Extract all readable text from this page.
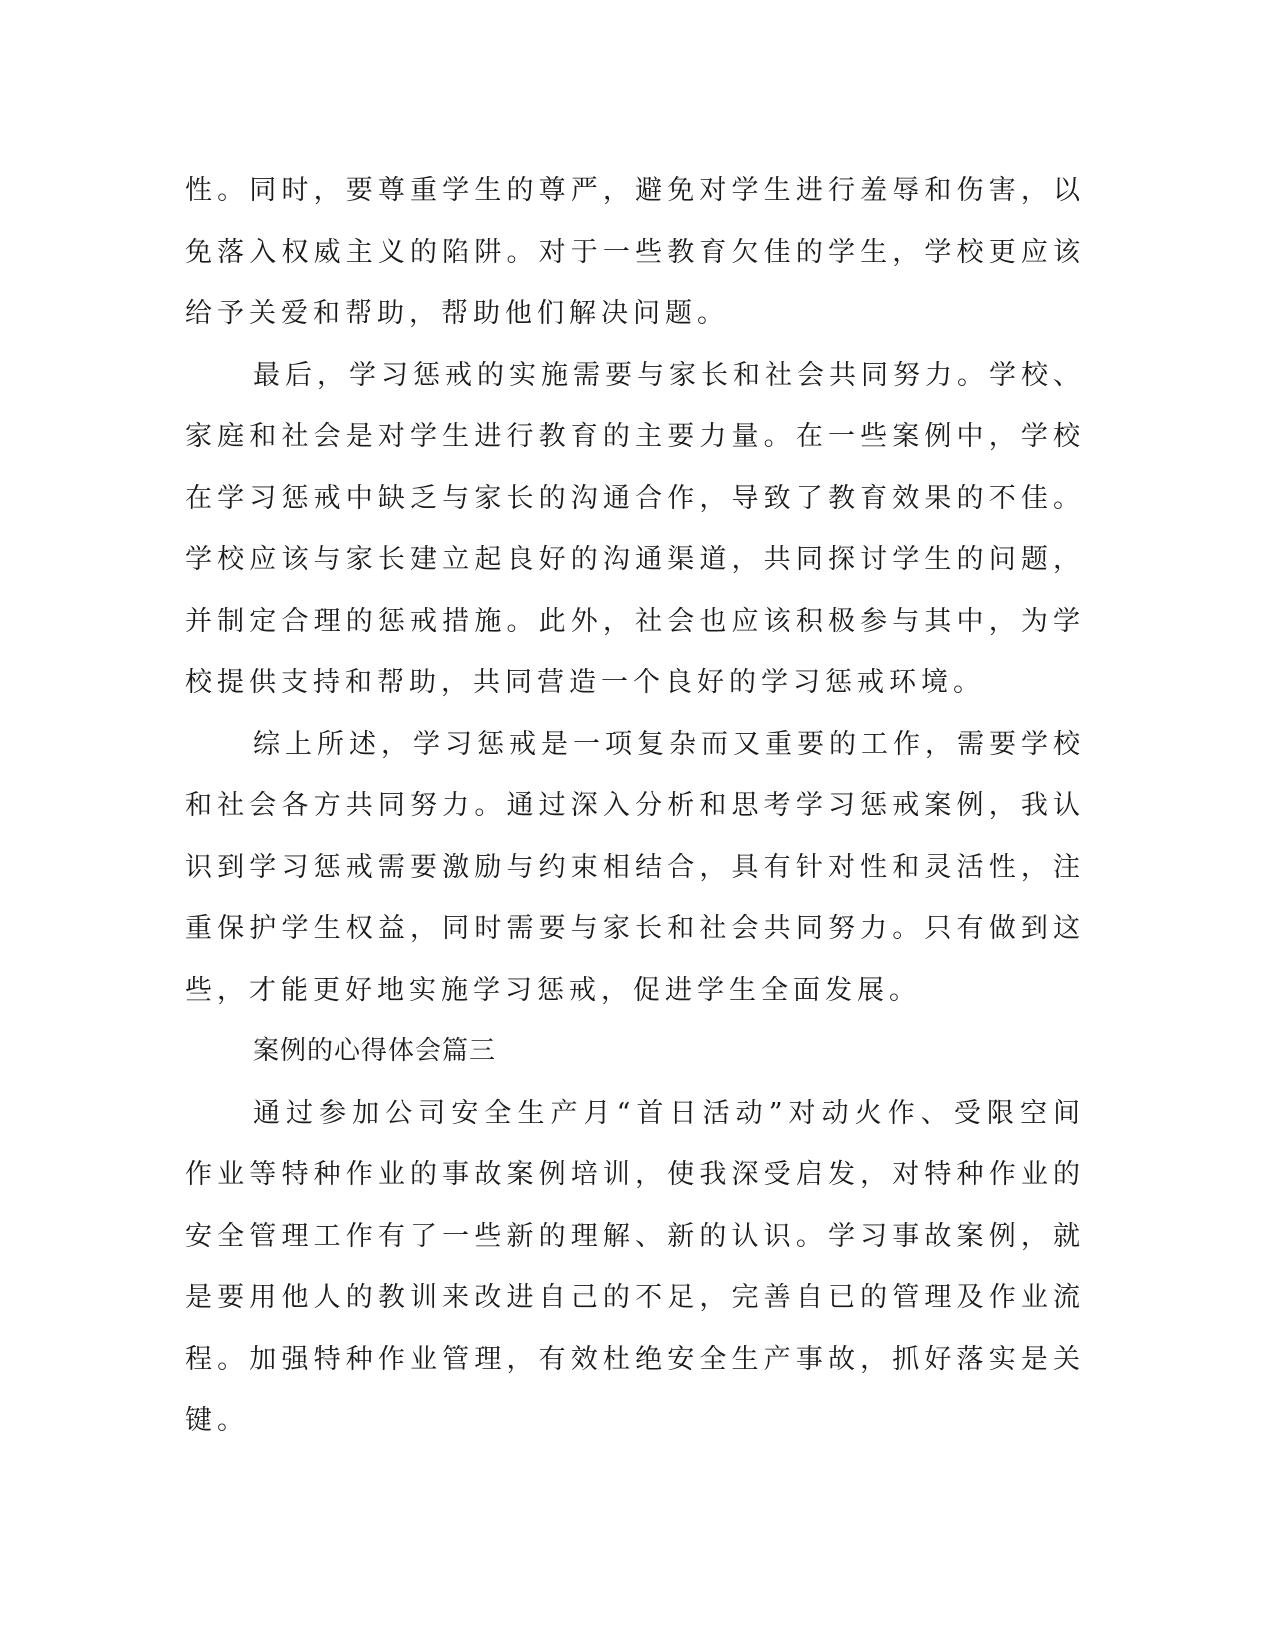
性。同时，要尊重学生的尊严，避免对学生进行羞辱和伤害，以免落入权威主义的陷阱。对于一些教育欠佳的学生，学校更应该给予关爱和帮助，帮助他们解决问题。

最后，学习惩戒的实施需要与家长和社会共同努力。学校、家庭和社会是对学生进行教育的主要力量。在一些案例中，学校在学习惩戒中缺乏与家长的沟通合作，导致了教育效果的不佳。学校应该与家长建立起良好的沟通渠道，共同探讨学生的问题，并制定合理的惩戒措施。此外，社会也应该积极参与其中，为学校提供支持和帮助，共同营造一个良好的学习惩戒环境。

综上所述，学习惩戒是一项复杂而又重要的工作，需要学校和社会各方共同努力。通过深入分析和思考学习惩戒案例，我认识到学习惩戒需要激励与约束相结合，具有针对性和灵活性，注重保护学生权益，同时需要与家长和社会共同努力。只有做到这些，才能更好地实施学习惩戒，促进学生全面发展。

案例的心得体会篇三

通过参加公司安全生产月“首日活动”对动火作、受限空间作业等特种作业的事故案例培训，使我深受启发，对特种作业的安全管理工作有了一些新的理解、新的认识。学习事故案例，就是要用他人的教训来改进自己的不足，完善自已的管理及作业流程。加强特种作业管理，有效杜绝安全生产事故，抓好落实是关键。
